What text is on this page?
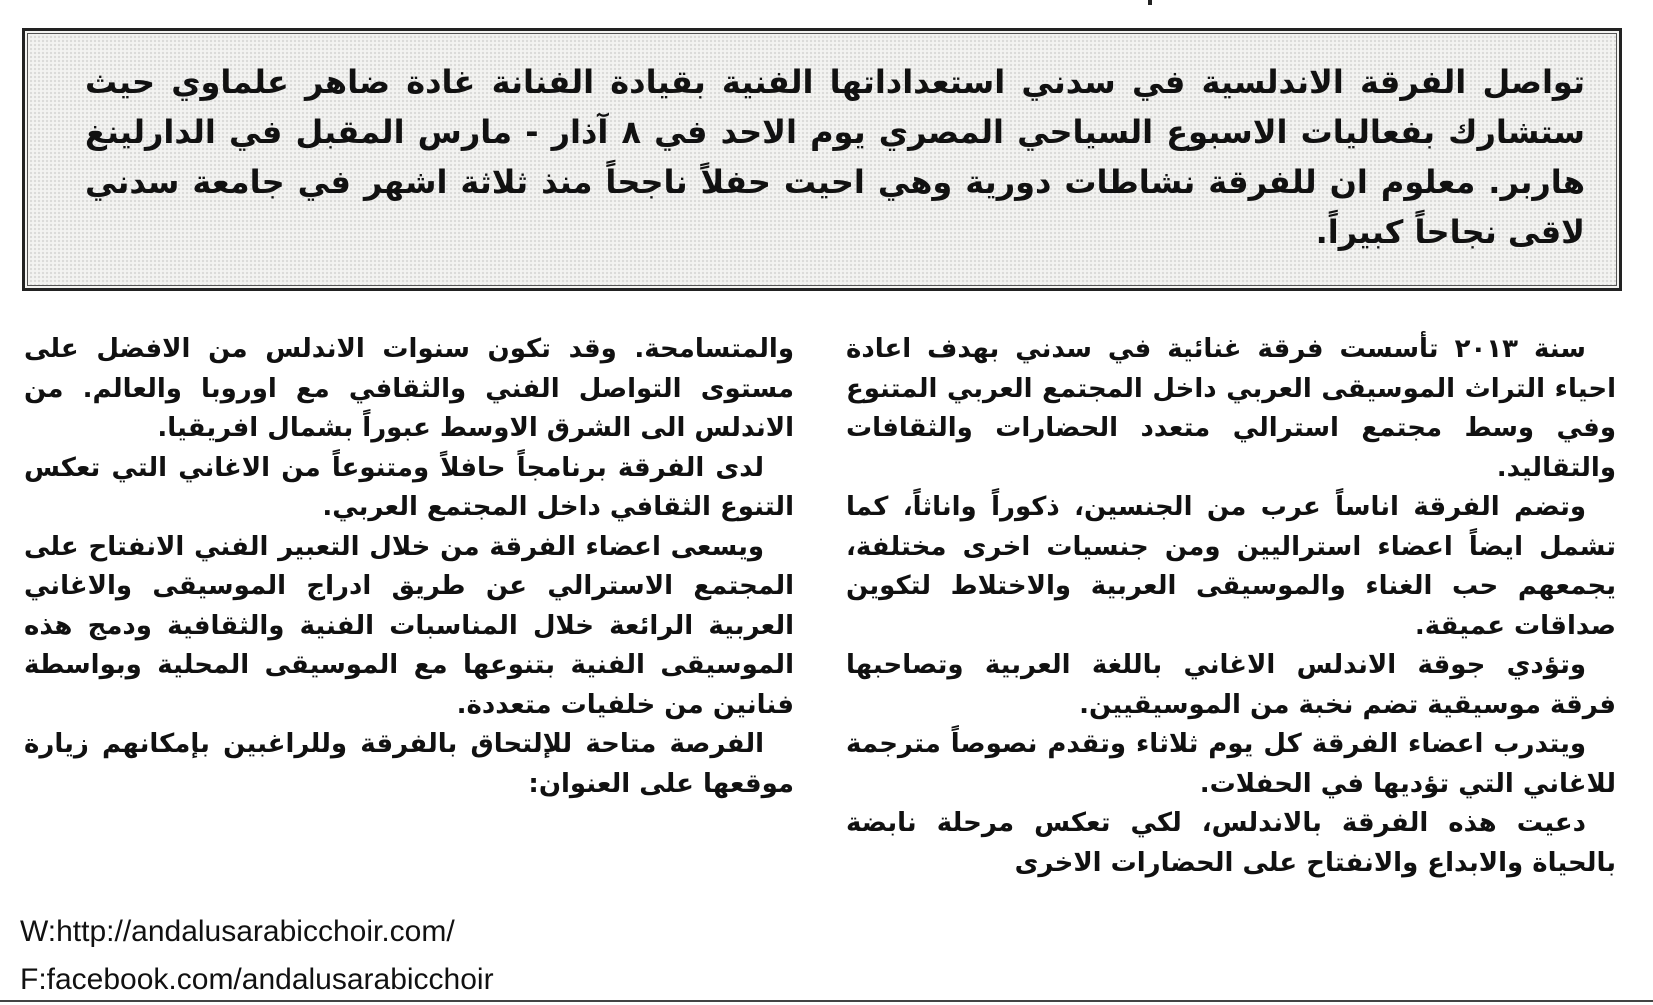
تواصل الفرقة الاندلسية في سدني استعداداتها الفنية بقيادة الفنانة غادة ضاهر علماوي حيث ستشارك بفعاليات الاسبوع السياحي المصري يوم الاحد في ٨ آذار - مارس المقبل في الدارلينغ هاربر. معلوم ان للفرقة نشاطات دورية وهي احيت حفلاً ناجحاً منذ ثلاثة اشهر في جامعة سدني لاقى نجاحاً كبيراً.

سنة ٢٠١٣ تأسست فرقة غنائية في سدني بهدف اعادة احياء التراث الموسيقى العربي داخل المجتمع العربي المتنوع وفي وسط مجتمع استرالي متعدد الحضارات والثقافات والتقاليد.

وتضم الفرقة اناساً عرب من الجنسين، ذكوراً واناثاً، كما تشمل ايضاً اعضاء استراليين ومن جنسيات اخرى مختلفة، يجمعهم حب الغناء والموسيقى العربية والاختلاط لتكوين صداقات عميقة.

وتؤدي جوقة الاندلس الاغاني باللغة العربية وتصاحبها فرقة موسيقية تضم نخبة من الموسيقيين.

ويتدرب اعضاء الفرقة كل يوم ثلاثاء وتقدم نصوصاً مترجمة للاغاني التي تؤديها في الحفلات.

دعيت هذه الفرقة بالاندلس، لكي تعكس مرحلة نابضة بالحياة والابداع والانفتاح على الحضارات الاخرى

والمتسامحة. وقد تكون سنوات الاندلس من الافضل على مستوى التواصل الفني والثقافي مع اوروبا والعالم. من الاندلس الى الشرق الاوسط عبوراً بشمال افريقيا.

لدى الفرقة برنامجاً حافلاً ومتنوعاً من الاغاني التي تعكس التنوع الثقافي داخل المجتمع العربي.

ويسعى اعضاء الفرقة من خلال التعبير الفني الانفتاح على المجتمع الاسترالي عن طريق ادراج الموسيقى والاغاني العربية الرائعة خلال المناسبات الفنية والثقافية ودمج هذه الموسيقى الفنية بتنوعها مع الموسيقى المحلية وبواسطة فنانين من خلفيات متعددة.

الفرصة متاحة للإلتحاق بالفرقة وللراغبين بإمكانهم زيارة موقعها على العنوان:

W:http://andalusarabicchoir.com/
F:facebook.com/andalusarabicchoir
